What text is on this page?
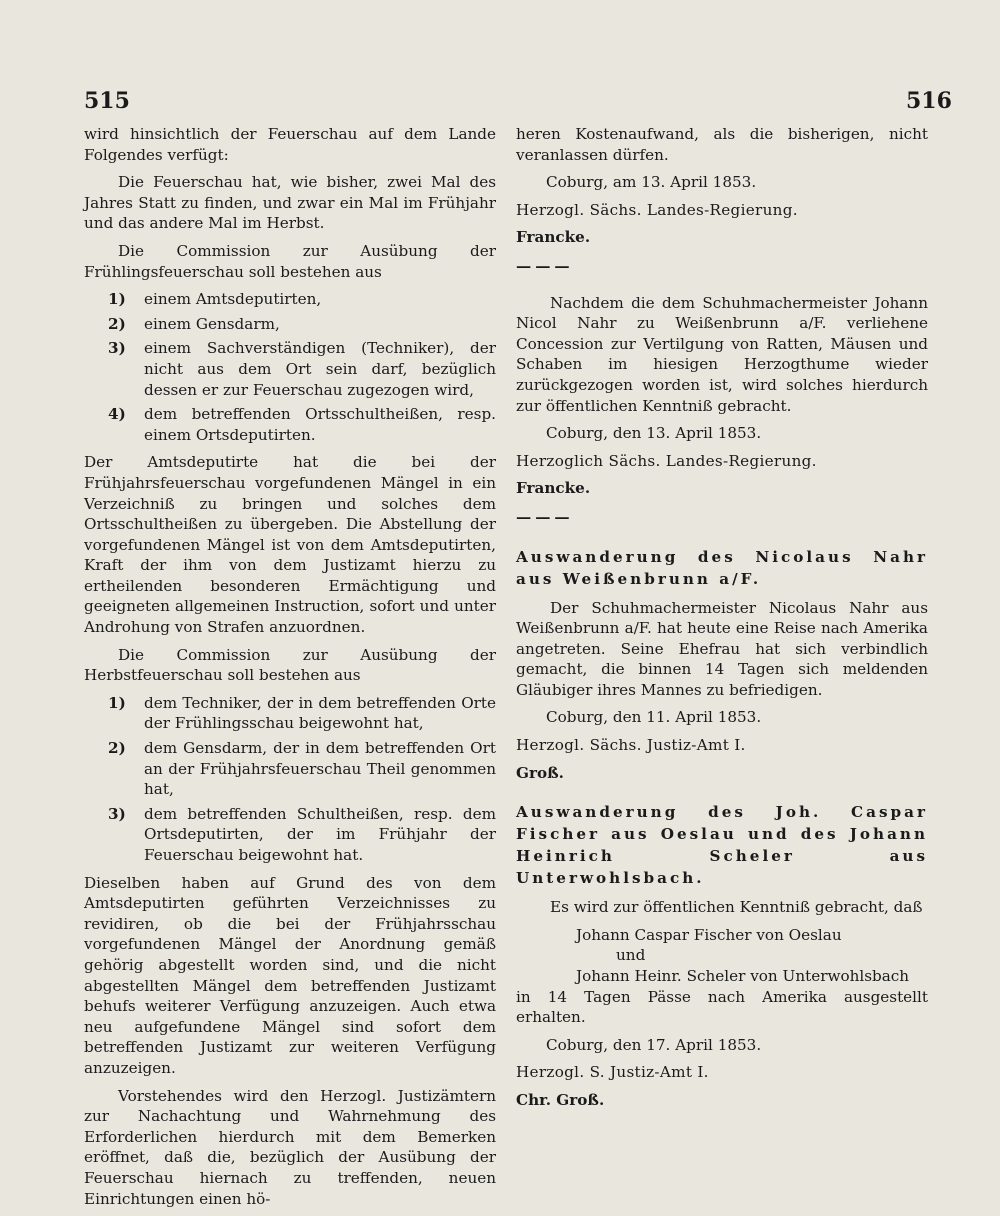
515	516

wird hinsichtlich der Feuerschau auf dem Lande Folgendes verfügt:

Die Feuerschau hat, wie bisher, zwei Mal des Jahres Statt zu finden, und zwar ein Mal im Frühjahr und das andere Mal im Herbst.

Die Commission zur Ausübung der Frühlingsfeuerschau soll bestehen aus

1) einem Amtsdeputirten,
2) einem Gensdarm,
3) einem Sachverständigen (Techniker), der nicht aus dem Ort sein darf, bezüglich dessen er zur Feuerschau zugezogen wird,
4) dem betreffenden Ortsschultheißen, resp. einem Ortsdeputirten.

Der Amtsdeputirte hat die bei der Frühjahrsfeuerschau vorgefundenen Mängel in ein Verzeichniß zu bringen und solches dem Ortsschultheißen zu übergeben. Die Abstellung der vorgefundenen Mängel ist von dem Amtsdeputirten, Kraft der ihm von dem Justizamt hierzu zu ertheilenden besonderen Ermächtigung und geeigneten allgemeinen Instruction, sofort und unter Androhung von Strafen anzuordnen.

Die Commission zur Ausübung der Herbstfeuerschau soll bestehen aus

1) dem Techniker, der in dem betreffenden Orte der Frühlingsschau beigewohnt hat,
2) dem Gensdarm, der in dem betreffenden Ort an der Frühjahrsfeuerschau Theil genommen hat,
3) dem betreffenden Schultheißen, resp. dem Ortsdeputirten, der im Frühjahr der Feuerschau beigewohnt hat.

Dieselben haben auf Grund des von dem Amtsdeputirten geführten Verzeichnisses zu revidiren, ob die bei der Frühjahrsschau vorgefundenen Mängel der Anordnung gemäß gehörig abgestellt worden sind, und die nicht abgestellten Mängel dem betreffenden Justizamt behufs weiterer Verfügung anzuzeigen. Auch etwa neu aufgefundene Mängel sind sofort dem betreffenden Justizamt zur weiteren Verfügung anzuzeigen.

Vorstehendes wird den Herzogl. Justizämtern zur Nachachtung und Wahrnehmung des Erforderlichen hierdurch mit dem Bemerken eröffnet, daß die, bezüglich der Ausübung der Feuerschau hiernach zu treffenden, neuen Einrichtungen einen hö-

heren Kostenaufwand, als die bisherigen, nicht veranlassen dürfen.

Coburg, am 13. April 1853.

Herzogl. Sächs. Landes-Regierung.

Francke.

———

Nachdem die dem Schuhmachermeister Johann Nicol Nahr zu Weißenbrunn a/F. verliehene Concession zur Vertilgung von Ratten, Mäusen und Schaben im hiesigen Herzogthume wieder zurückgezogen worden ist, wird solches hierdurch zur öffentlichen Kenntniß gebracht.

Coburg, den 13. April 1853.

Herzoglich Sächs. Landes-Regierung.

Francke.

———

Auswanderung des Nicolaus Nahr aus Weißenbrunn a/F.

Der Schuhmachermeister Nicolaus Nahr aus Weißenbrunn a/F. hat heute eine Reise nach Amerika angetreten. Seine Ehefrau hat sich verbindlich gemacht, die binnen 14 Tagen sich meldenden Gläubiger ihres Mannes zu befriedigen.

Coburg, den 11. April 1853.

Herzogl. Sächs. Justiz-Amt I.

Groß.

Auswanderung des Joh. Caspar Fischer aus Oeslau und des Johann Heinrich Scheler aus Unterwohlsbach.

Es wird zur öffentlichen Kenntniß gebracht, daß

Johann Caspar Fischer von Oeslau

und

Johann Heinr. Scheler von Unterwohlsbach

in 14 Tagen Pässe nach Amerika ausgestellt erhalten.

Coburg, den 17. April 1853.

Herzogl. S. Justiz-Amt I.

Chr. Groß.
